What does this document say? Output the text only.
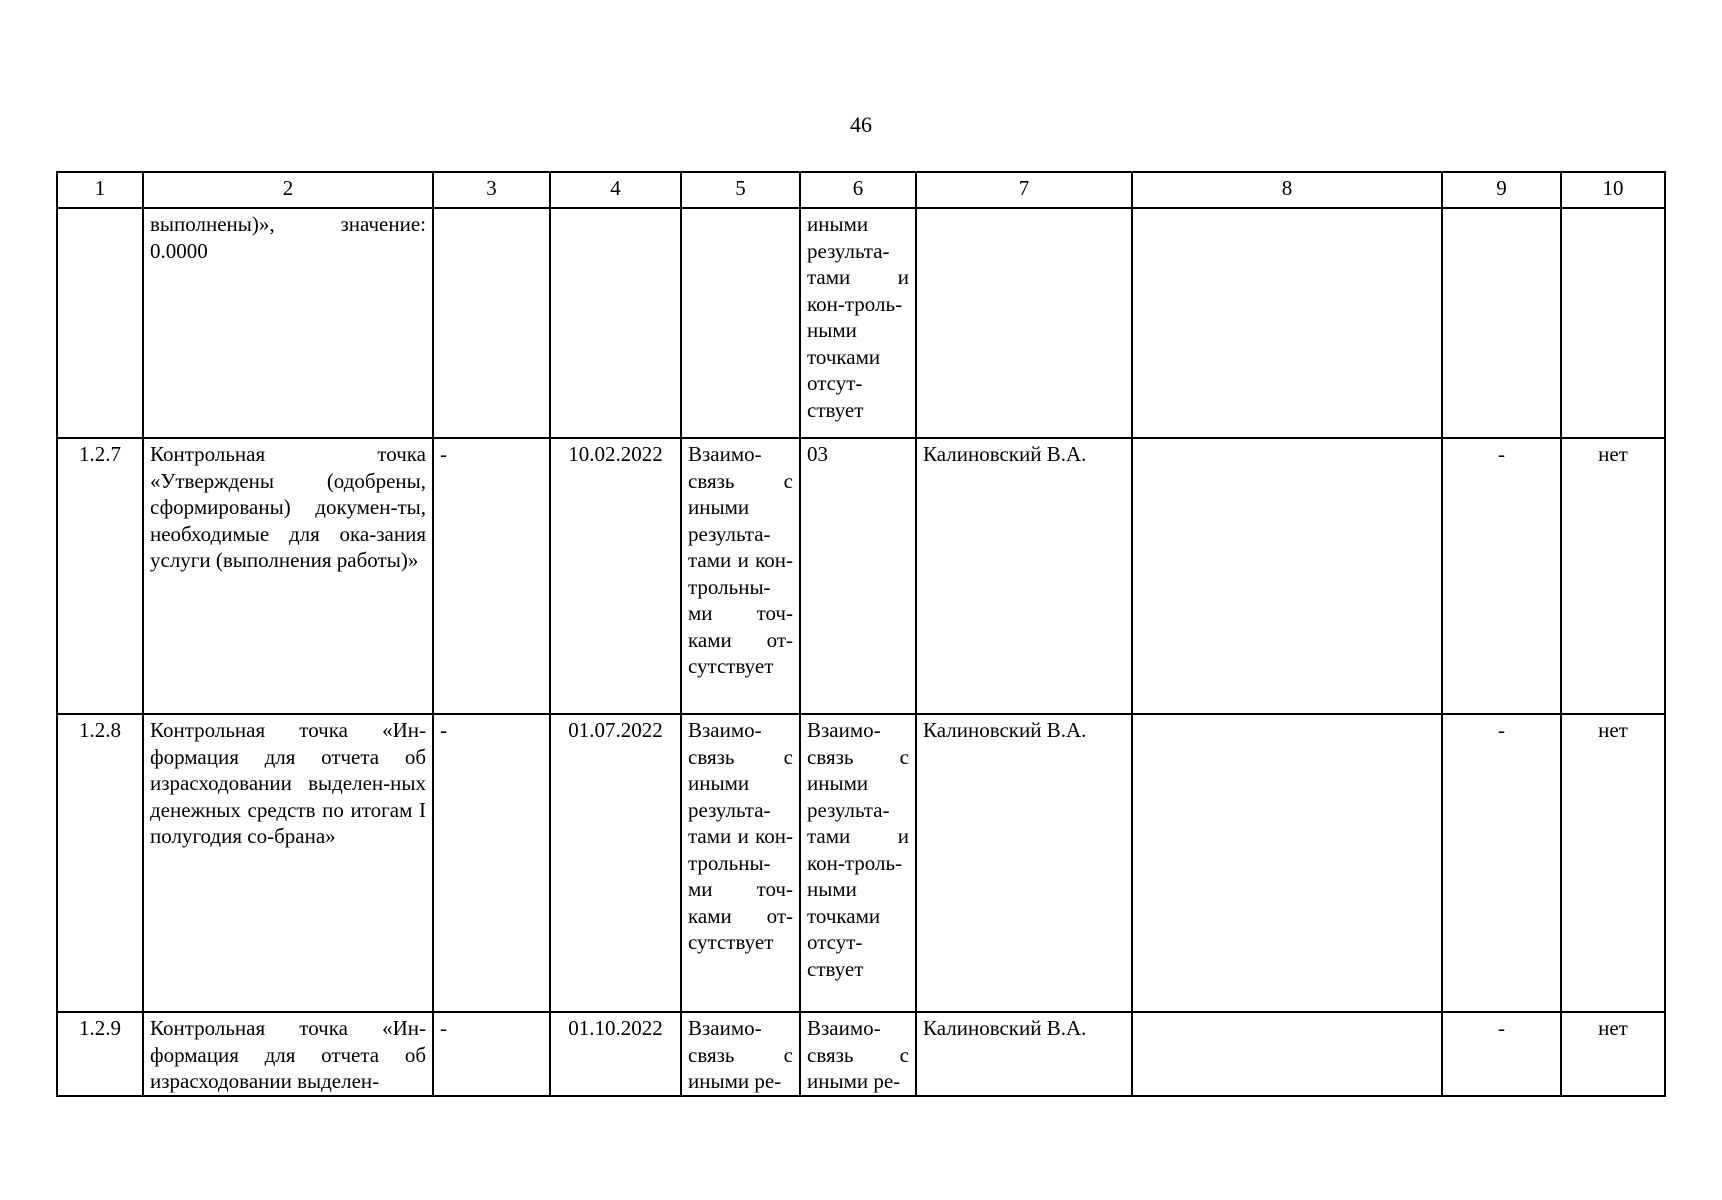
46
1	2	3	4	5	6	7	8	9	10
	выполнены)», значение: 0.0000				иными результа-тами и кон-троль-ными точками отсут-ствует				
1.2.7	Контрольная точка «Утверждены (одобрены, сформированы) докумен-ты, необходимые для ока-зания услуги (выполнения работы)»	-	10.02.2022	Взаимо-связь с иными результа-тами и кон-трольны-ми точ-ками от-сутствует	03	Калиновский В.А.		-	нет
1.2.8	Контрольная точка «Ин-формация для отчета об израсходовании выделен-ных денежных средств по итогам I полугодия со-брана»	-	01.07.2022	Взаимо-связь с иными результа-тами и кон-трольны-ми точ-ками от-сутствует	Взаимо-связь с иными результа-тами и кон-троль-ными точками отсут-ствует	Калиновский В.А.		-	нет
1.2.9	Контрольная точка «Ин-формация для отчета об израсходовании выделен-	-	01.10.2022	Взаимо-связь с иными ре-	Взаимо-связь с иными ре-	Калиновский В.А.		-	нет
